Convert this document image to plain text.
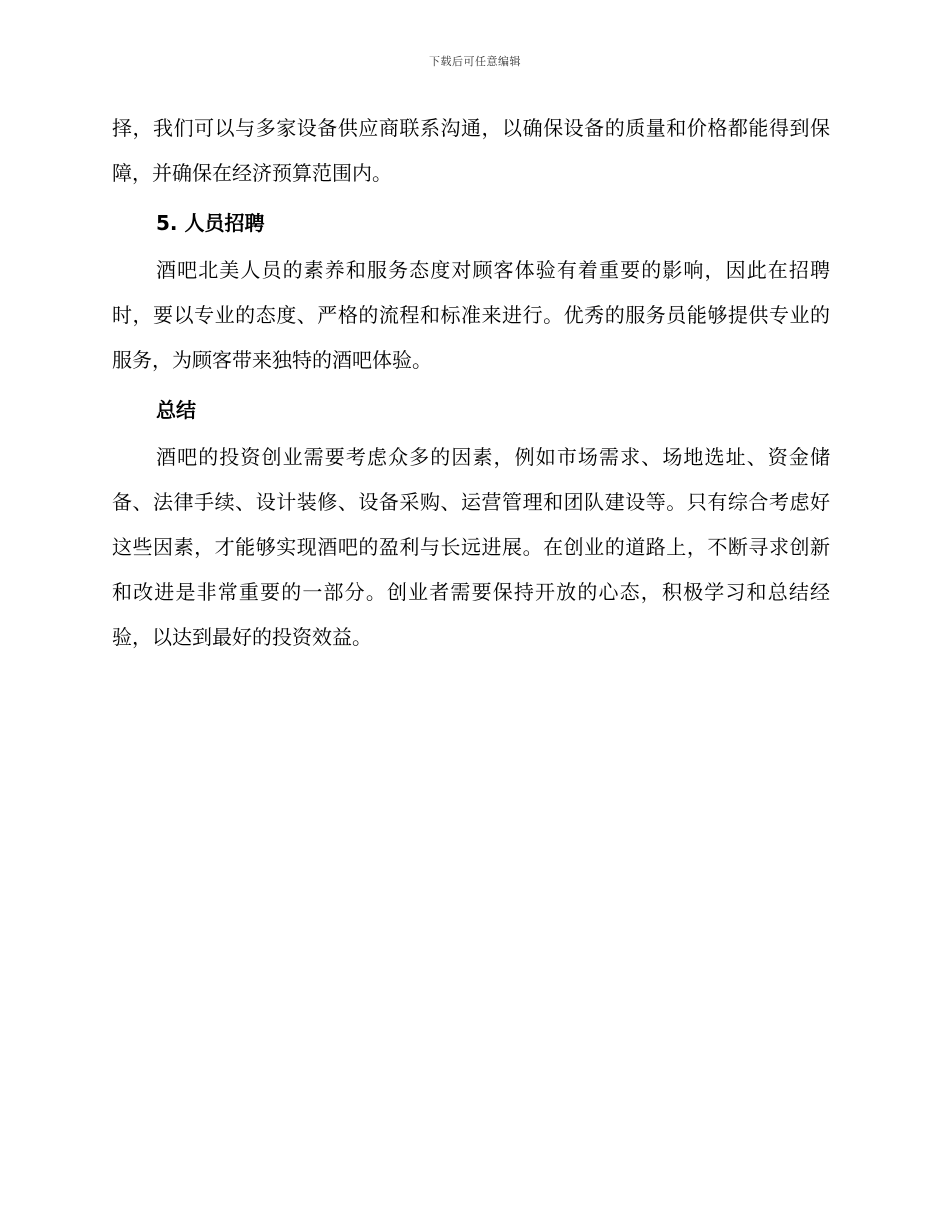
下载后可任意编辑

择，我们可以与多家设备供应商联系沟通，以确保设备的质量和价格都能得到保障，并确保在经济预算范围内。

5. 人员招聘

酒吧北美人员的素养和服务态度对顾客体验有着重要的影响，因此在招聘时，要以专业的态度、严格的流程和标准来进行。优秀的服务员能够提供专业的服务，为顾客带来独特的酒吧体验。

总结

酒吧的投资创业需要考虑众多的因素，例如市场需求、场地选址、资金储备、法律手续、设计装修、设备采购、运营管理和团队建设等。只有综合考虑好这些因素，才能够实现酒吧的盈利与长远进展。在创业的道路上，不断寻求创新和改进是非常重要的一部分。创业者需要保持开放的心态，积极学习和总结经验，以达到最好的投资效益。
